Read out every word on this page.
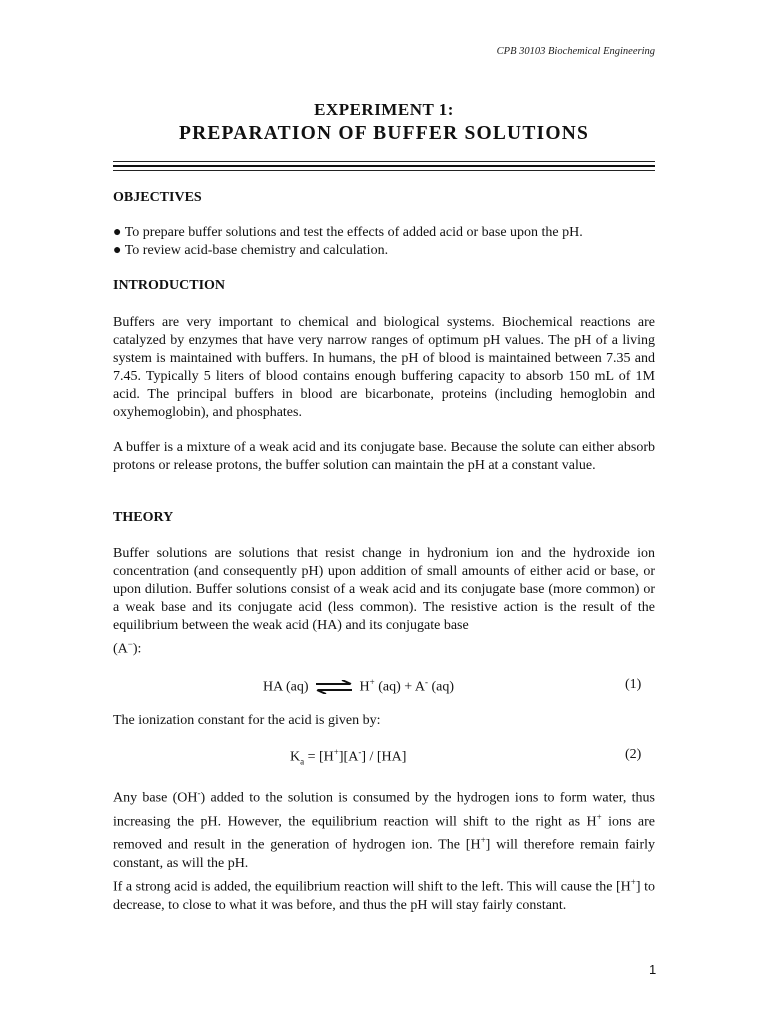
CPB 30103 Biochemical Engineering
EXPERIMENT 1:
PREPARATION OF BUFFER SOLUTIONS
OBJECTIVES
● To prepare buffer solutions and test the effects of added acid or base upon the pH.
● To review acid-base chemistry and calculation.
INTRODUCTION
Buffers are very important to chemical and biological systems. Biochemical reactions are catalyzed by enzymes that have very narrow ranges of optimum pH values. The pH of a living system is maintained with buffers. In humans, the pH of blood is maintained between 7.35 and 7.45. Typically 5 liters of blood contains enough buffering capacity to absorb 150 mL of 1M acid. The principal buffers in blood are bicarbonate, proteins (including hemoglobin and oxyhemoglobin), and phosphates.
A buffer is a mixture of a weak acid and its conjugate base. Because the solute can either absorb protons or release protons, the buffer solution can maintain the pH at a constant value.
THEORY
Buffer solutions are solutions that resist change in hydronium ion and the hydroxide ion concentration (and consequently pH) upon addition of small amounts of either acid or base, or upon dilution. Buffer solutions consist of a weak acid and its conjugate base (more common) or a weak base and its conjugate acid (less common). The resistive action is the result of the equilibrium between the weak acid (HA) and its conjugate base
(A−):
HA (aq) ⇌ H+ (aq) + A- (aq)	(1)
The ionization constant for the acid is given by:
$K_a = [H^+][A^-] / [HA]$	(2)
Any base (OH-) added to the solution is consumed by the hydrogen ions to form water, thus increasing the pH. However, the equilibrium reaction will shift to the right as H+ ions are removed and result in the generation of hydrogen ion. The [H+] will therefore remain fairly constant, as will the pH.
If a strong acid is added, the equilibrium reaction will shift to the left. This will cause the [H+] to decrease, to close to what it was before, and thus the pH will stay fairly constant.
1
